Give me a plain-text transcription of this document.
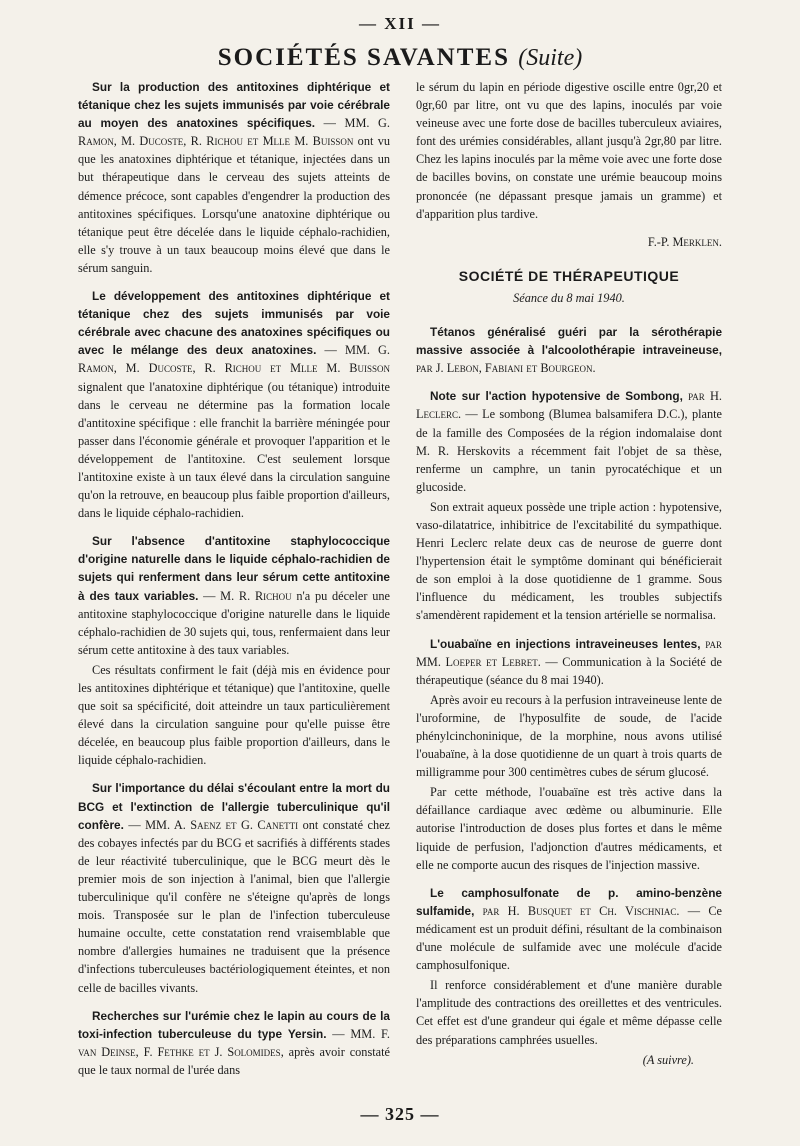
— XII —
SOCIÉTÉS SAVANTES (Suite)

Sur la production des antitoxines diphtérique et tétanique chez les sujets immunisés par voie cérébrale au moyen des anatoxines spécifiques. — MM. G. Ramon, M. Ducoste, R. Richou et Mlle M. Buisson ont vu que les anatoxines diphtérique et tétanique, injectées dans un but thérapeutique dans le cerveau des sujets atteints de démence précoce, sont capables d'engendrer la production des antitoxines spécifiques. Lorsqu'une anatoxine diphtérique ou tétanique peut être décelée dans le liquide céphalo-rachidien, elle s'y trouve à un taux beaucoup moins élevé que dans le sérum sanguin.

Le développement des antitoxines diphtérique et tétanique chez des sujets immunisés par voie cérébrale avec chacune des anatoxines spécifiques ou avec le mélange des deux anatoxines. — MM. G. Ramon, M. Ducoste, R. Richou et Mlle M. Buisson signalent que l'anatoxine diphtérique (ou tétanique) introduite dans le cerveau ne détermine pas la formation locale d'antitoxine spécifique : elle franchit la barrière méningée pour passer dans l'économie générale et provoquer l'apparition et le développement de l'antitoxine. C'est seulement lorsque l'antitoxine existe à un taux élevé dans la circulation sanguine qu'on la retrouve, en beaucoup plus faible proportion d'ailleurs, dans le liquide céphalo-rachidien.

Sur l'absence d'antitoxine staphylococcique d'origine naturelle dans le liquide céphalo-rachidien de sujets qui renferment dans leur sérum cette antitoxine à des taux variables. — M. R. Richou n'a pu déceler une antitoxine staphylococcique d'origine naturelle dans le liquide céphalo-rachidien de 30 sujets qui, tous, renfermaient dans leur sérum cette antitoxine à des taux variables.

Ces résultats confirment le fait (déjà mis en évidence pour les antitoxines diphtérique et tétanique) que l'antitoxine, quelle que soit sa spécificité, doit atteindre un taux particulièrement élevé dans la circulation sanguine pour qu'elle puisse être décelée, en beaucoup plus faible proportion d'ailleurs, dans le liquide céphalo-rachidien.

Sur l'importance du délai s'écoulant entre la mort du BCG et l'extinction de l'allergie tuberculinique qu'il confère. — MM. A. Saenz et G. Canetti ont constaté chez des cobayes infectés par du BCG et sacrifiés à différents stades de leur réactivité tuberculinique, que le BCG meurt dès le premier mois de son injection à l'animal, bien que l'allergie tuberculinique qu'il confère ne s'éteigne qu'après de longs mois. Transposée sur le plan de l'infection tuberculeuse humaine occulte, cette constatation rend vraisemblable que nombre d'allergies humaines ne traduisent que la présence d'infections tuberculeuses bactériologiquement éteintes, et non celle de bacilles vivants.

Recherches sur l'urémie chez le lapin au cours de la toxi-infection tuberculeuse du type Yersin. — MM. F. van Deinse, F. Fethke et J. Solomides, après avoir constaté que le taux normal de l'urée dans

le sérum du lapin en période digestive oscille entre 0gr,20 et 0gr,60 par litre, ont vu que des lapins, inoculés par voie veineuse avec une forte dose de bacilles tuberculeux aviaires, font des urémies considérables, allant jusqu'à 2gr,80 par litre. Chez les lapins inoculés par la même voie avec une forte dose de bacilles bovins, on constate une urémie beaucoup moins prononcée (ne dépassant presque jamais un gramme) et d'apparition plus tardive.

F.-P. Merklen.
SOCIÉTÉ DE THÉRAPEUTIQUE
Séance du 8 mai 1940.

Tétanos généralisé guéri par la sérothérapie massive associée à l'alcoolothérapie intraveineuse, par J. Lebon, Fabiani et Bourgeon.

Note sur l'action hypotensive de Sombong, par H. Leclerc. — Le sombong (Blumea balsamifera D.C.), plante de la famille des Composées de la région indomalaise dont M. R. Herskovits a récemment fait l'objet de sa thèse, renferme un camphre, un tanin pyrocatéchique et un glucoside.

Son extrait aqueux possède une triple action : hypotensive, vaso-dilatatrice, inhibitrice de l'excitabilité du sympathique. Henri Leclerc relate deux cas de neurose de guerre dont l'hypertension était le symptôme dominant qui bénéficierait de son emploi à la dose quotidienne de 1 gramme. Sous l'influence du médicament, les troubles subjectifs s'amendèrent rapidement et la tension artérielle se normalisa.

L'ouabaïne en injections intraveineuses lentes, par MM. Loeper et Lebret. — Communication à la Société de thérapeutique (séance du 8 mai 1940).

Après avoir eu recours à la perfusion intraveineuse lente de l'uroformine, de l'hyposulfite de soude, de l'acide phénylcinchoninique, de la morphine, nous avons utilisé l'ouabaïne, à la dose quotidienne de un quart à trois quarts de milligramme pour 300 centimètres cubes de sérum glucosé.

Par cette méthode, l'ouabaïne est très active dans la défaillance cardiaque avec œdème ou albuminurie. Elle autorise l'introduction de doses plus fortes et dans le même liquide de perfusion, l'adjonction d'autres médicaments, et elle ne comporte aucun des risques de l'injection massive.

Le camphosulfonate de p. amino-benzène sulfamide, par H. Busquet et Ch. Vischniac. — Ce médicament est un produit défini, résultant de la combinaison d'une molécule de sulfamide avec une molécule d'acide camphosulfonique.

Il renforce considérablement et d'une manière durable l'amplitude des contractions des oreillettes et des ventricules. Cet effet est d'une grandeur qui égale et même dépasse celle des préparations camphrées usuelles.

(A suivre).
— 325 —
